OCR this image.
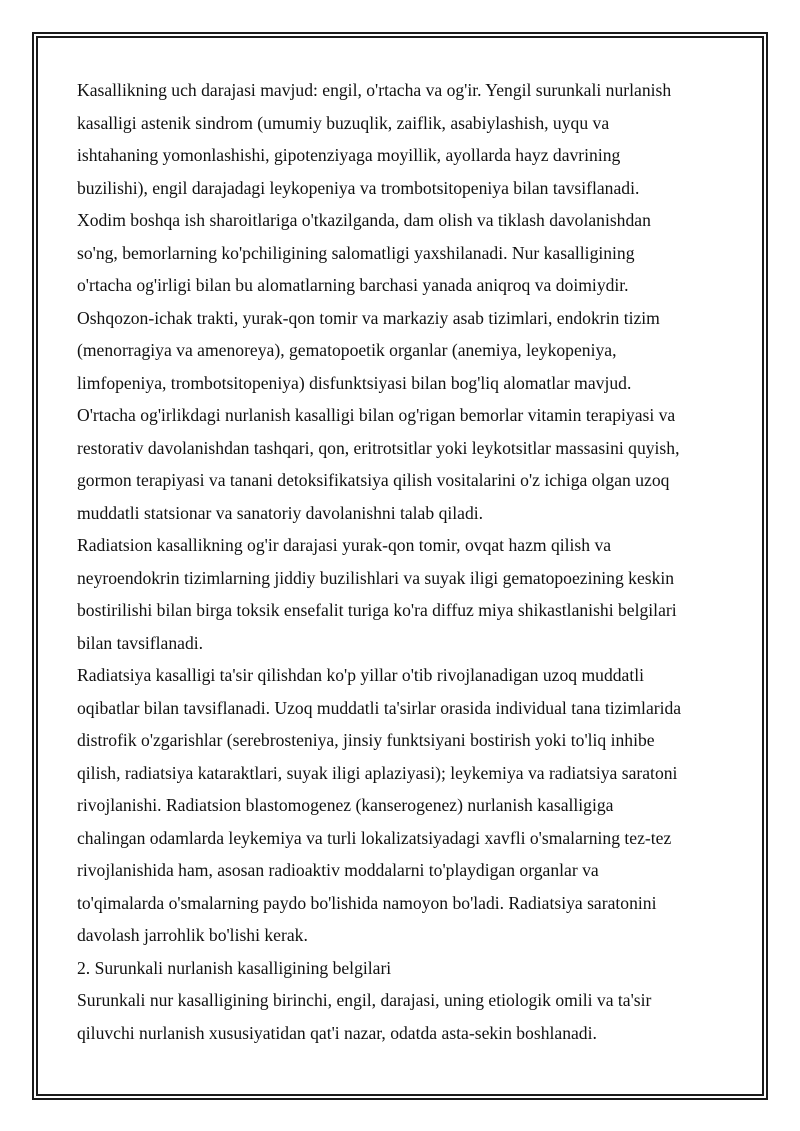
Kasallikning uch darajasi mavjud: engil, o'rtacha va og'ir. Yengil surunkali nurlanish

kasalligi astenik sindrom (umumiy buzuqlik, zaiflik, asabiylashish, uyqu va

ishtahaning yomonlashishi, gipotenziyaga moyillik, ayollarda hayz davrining

buzilishi), engil darajadagi leykopeniya va trombotsitopeniya bilan tavsiflanadi.

Xodim boshqa ish sharoitlariga o'tkazilganda, dam olish va tiklash davolanishdan

so'ng, bemorlarning ko'pchiligining salomatligi yaxshilanadi. Nur kasalligining

o'rtacha og'irligi bilan bu alomatlarning barchasi yanada aniqroq va doimiydir.

Oshqozon-ichak trakti, yurak-qon tomir va markaziy asab tizimlari, endokrin tizim

(menorragiya va amenoreya), gematopoetik organlar (anemiya, leykopeniya,

limfopeniya, trombotsitopeniya) disfunktsiyasi bilan bog'liq alomatlar mavjud.

O'rtacha og'irlikdagi nurlanish kasalligi bilan og'rigan bemorlar vitamin terapiyasi va

restorativ davolanishdan tashqari, qon, eritrotsitlar yoki leykotsitlar massasini quyish,

gormon terapiyasi va tanani detoksifikatsiya qilish vositalarini o'z ichiga olgan uzoq

muddatli statsionar va sanatoriy davolanishni talab qiladi.

Radiatsion kasallikning og'ir darajasi yurak-qon tomir, ovqat hazm qilish va

neyroendokrin tizimlarning jiddiy buzilishlari va suyak iligi gematopoezining keskin

bostirilishi bilan birga toksik ensefalit turiga ko'ra diffuz miya shikastlanishi belgilari

bilan tavsiflanadi.

Radiatsiya kasalligi ta'sir qilishdan ko'p yillar o'tib rivojlanadigan uzoq muddatli

oqibatlar bilan tavsiflanadi. Uzoq muddatli ta'sirlar orasida individual tana tizimlarida

distrofik o'zgarishlar (serebrosteniya, jinsiy funktsiyani bostirish yoki to'liq inhibe

qilish, radiatsiya kataraktlari, suyak iligi aplaziyasi); leykemiya va radiatsiya saratoni

rivojlanishi. Radiatsion blastomogenez (kanserogenez) nurlanish kasalligiga

chalingan odamlarda leykemiya va turli lokalizatsiyadagi xavfli o'smalarning tez-tez

rivojlanishida ham, asosan radioaktiv moddalarni to'playdigan organlar va

to'qimalarda o'smalarning paydo bo'lishida namoyon bo'ladi. Radiatsiya saratonini

davolash jarrohlik bo'lishi kerak.

2. Surunkali nurlanish kasalligining belgilari

Surunkali nur kasalligining birinchi, engil, darajasi, uning etiologik omili va ta'sir

qiluvchi nurlanish xususiyatidan qat'i nazar, odatda asta-sekin boshlanadi.
